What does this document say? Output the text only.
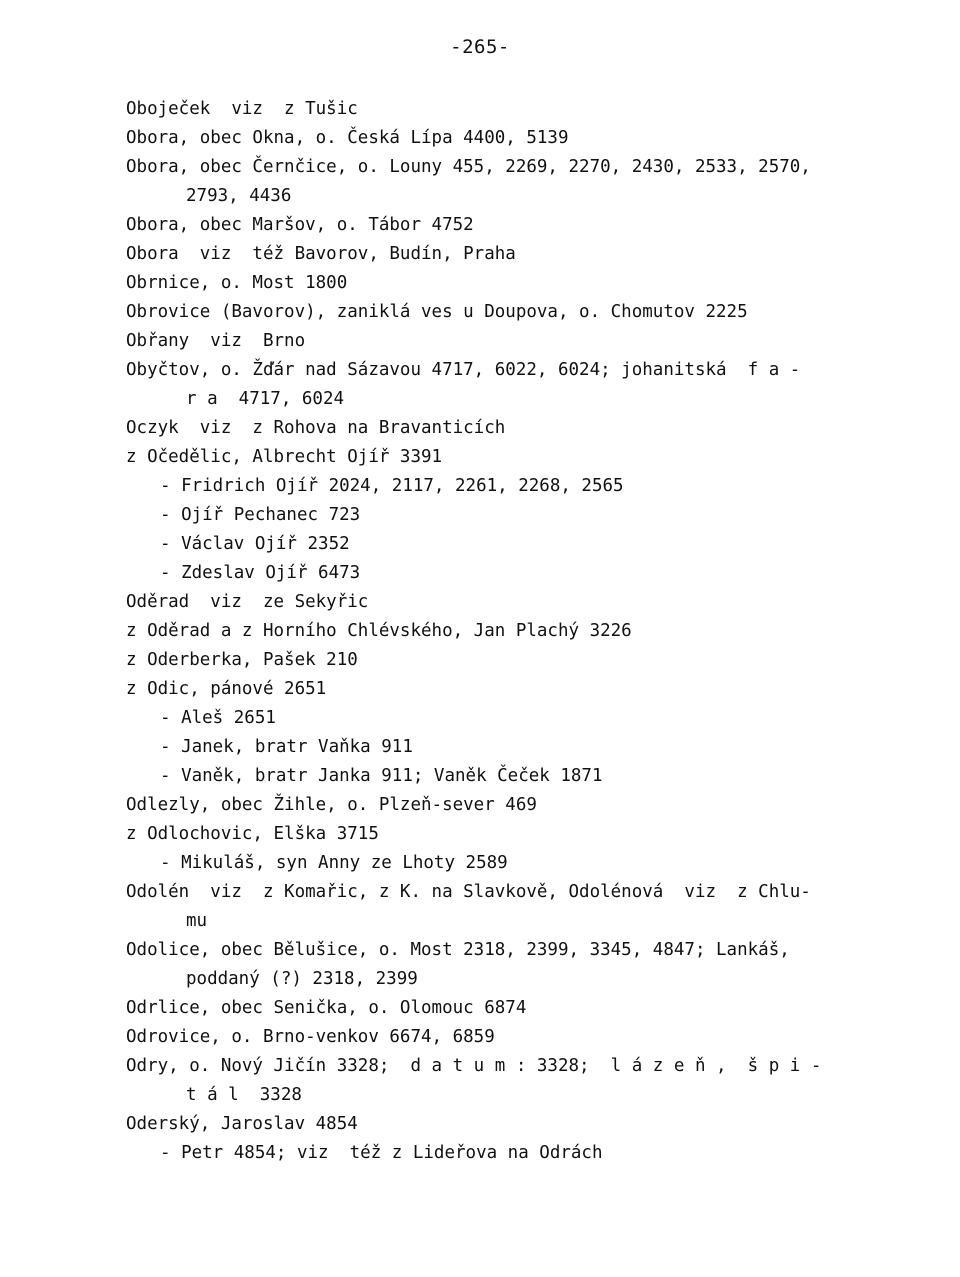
-265-
Oboječek  viz  z Tušic
Obora, obec Okna, o. Česká Lípa 4400, 5139
Obora, obec Černčice, o. Louny 455, 2269, 2270, 2430, 2533, 2570,
2793, 4436
Obora, obec Maršov, o. Tábor 4752
Obora  viz  též Bavorov, Budín, Praha
Obrnice, o. Most 1800
Obrovice (Bavorov), zaniklá ves u Doupova, o. Chomutov 2225
Obřany  viz  Brno
Obyčtov, o. Žďár nad Sázavou 4717, 6022, 6024; johanitská  f a -
r a  4717, 6024
Oczyk  viz  z Rohova na Bravanticích
z Očedělic, Albrecht Ojíř 3391
- Fridrich Ojíř 2024, 2117, 2261, 2268, 2565
- Ojíř Pechanec 723
- Václav Ojíř 2352
- Zdeslav Ojíř 6473
Oděrad  viz  ze Sekyřic
z Oděrad a z Horního Chlévského, Jan Plachý 3226
z Oderberka, Pašek 210
z Odic, pánové 2651
- Aleš 2651
- Janek, bratr Vaňka 911
- Vaněk, bratr Janka 911; Vaněk Čeček 1871
Odlezly, obec Žihle, o. Plzeň-sever 469
z Odlochovic, Elška 3715
- Mikuláš, syn Anny ze Lhoty 2589
Odolén  viz  z Komařic, z K. na Slavkově, Odolénová  viz  z Chlu-
mu
Odolice, obec Bělušice, o. Most 2318, 2399, 3345, 4847; Lankáš,
poddaný (?) 2318, 2399
Odrlice, obec Senička, o. Olomouc 6874
Odrovice, o. Brno-venkov 6674, 6859
Odry, o. Nový Jičín 3328;  d a t u m : 3328;  l á z e ň ,  š p i -
t á l  3328
Oderský, Jaroslav 4854
- Petr 4854; viz  též z Lideřova na Odrách
